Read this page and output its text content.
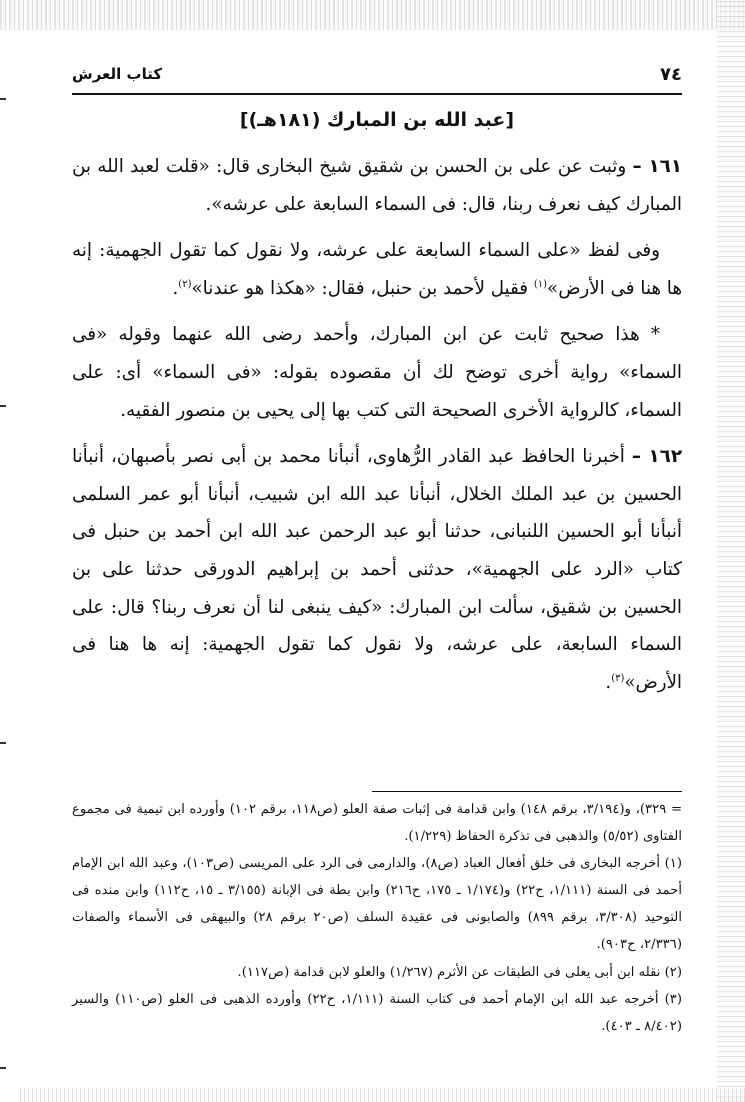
كتاب العرش	٧٤
[عبد الله بن المبارك (١٨١هـ)]

١٦١ – وثبت عن على بن الحسن بن شقيق شيخ البخارى قال: «قلت لعبد الله بن المبارك كيف نعرف ربنا، قال: فى السماء السابعة على عرشه».

وفى لفظ «على السماء السابعة على عرشه، ولا نقول كما تقول الجهمية: إنه ها هنا فى الأرض»$^{(١)}$ فقيل لأحمد بن حنبل، فقال: «هكذا هو عندنا»$^{(٢)}$.

* هذا صحيح ثابت عن ابن المبارك، وأحمد رضى الله عنهما وقوله «فى السماء» رواية أخرى توضح لك أن مقصوده بقوله: «فى السماء» أى: على السماء، كالرواية الأخرى الصحيحة التى كتب بها إلى يحيى بن منصور الفقيه.

١٦٢ – أخبرنا الحافظ عبد القادر الرُّهاوى، أنبأنا محمد بن أبى نصر بأصبهان، أنبأنا الحسين بن عبد الملك الخلال، أنبأنا عبد الله ابن شبيب، أنبأنا أبو عمر السلمى أنبأنا أبو الحسين اللنبانى، حدثنا أبو عبد الرحمن عبد الله ابن أحمد بن حنبل فى كتاب «الرد على الجهمية»، حدثنى أحمد بن إبراهيم الدورقى حدثنا على بن الحسين بن شقيق، سألت ابن المبارك: «كيف ينبغى لنا أن نعرف ربنا؟ قال: على السماء السابعة، على عرشه، ولا نقول كما تقول الجهمية: إنه ها هنا فى الأرض»$^{(٣)}$.

= ٣٢٩)، و(٣/١٩٤، برقم ١٤٨) وابن قدامة فى إثبات صفة العلو (ص١١٨، برقم ١٠٢) وأورده ابن تيمية فى مجموع الفتاوى (٥/٥٢) والذهبى فى تذكرة الحفاظ (١/٢٢٩).

(١) أخرجه البخارى فى خلق أفعال العباد (ص٨)، والدارمى فى الرد على المريسى (ص١٠٣)، وعبد الله ابن الإمام أحمد فى السنة (١/١١١، ح٢٢) و(١/١٧٤ ـ ١٧٥، ح٢١٦) وابن بطة فى الإبانة (٣/١٥٥ ـ ١٥، ح١١٢) وابن منده فى التوحيد (٣/٣٠٨، برقم ٨٩٩) والصابونى فى عقيدة السلف (ص٢٠ برقم ٢٨) والبيهقى فى الأسماء والصفات (٢/٣٣٦، ح٩٠٣).

(٢) نقله ابن أبى يعلى فى الطبقات عن الأثرم (١/٢٦٧) والعلو لابن قدامة (ص١١٧).

(٣) أخرجه عبد الله ابن الإمام أحمد فى كتاب السنة (١/١١١، ح٢٢) وأورده الذهبى فى العلو (ص١١٠) والسير (٨/٤٠٢ ـ ٤٠٣).
